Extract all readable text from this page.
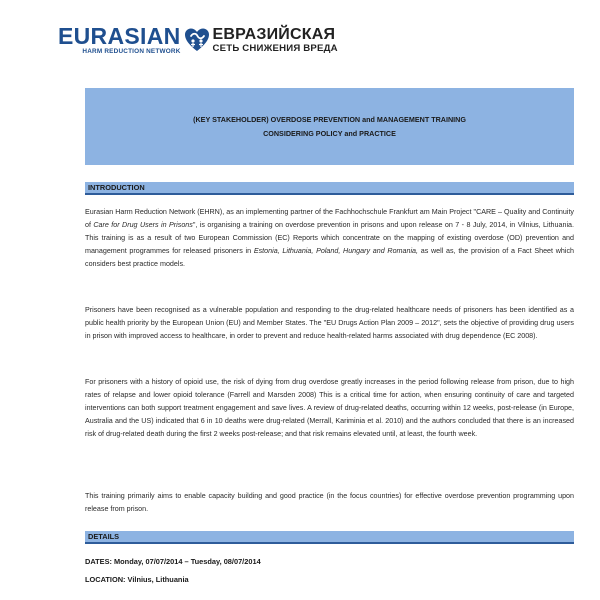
EURASIAN
HARM REDUCTION NETWORK
ЕВРАЗИЙСКАЯ
СЕТЬ СНИЖЕНИЯ ВРЕДА
(KEY STAKEHOLDER) OVERDOSE PREVENTION and MANAGEMENT TRAINING
CONSIDERING POLICY and PRACTICE
INTRODUCTION

Eurasian Harm Reduction Network (EHRN), as an implementing partner of the Fachhochschule Frankfurt am Main Project "CARE – Quality and Continuity of Care for Drug Users in Prisons", is organising a training on overdose prevention in prisons and upon release on 7 - 8 July, 2014, in Vilnius, Lithuania. This training is as a result of two European Commission (EC) Reports which concentrate on the mapping of existing overdose (OD) prevention and management programmes for released prisoners in Estonia, Lithuania, Poland, Hungary and Romania, as well as, the provision of a Fact Sheet which considers best practice models.

Prisoners have been recognised as a vulnerable population and responding to the drug-related healthcare needs of prisoners has been identified as a public health priority by the European Union (EU) and Member States. The "EU Drugs Action Plan 2009 – 2012", sets the objective of providing drug users in prison with improved access to healthcare, in order to prevent and reduce health-related harms associated with drug dependence (EC 2008).

For prisoners with a history of opioid use, the risk of dying from drug overdose greatly increases in the period following release from prison, due to high rates of relapse and lower opioid tolerance (Farrell and Marsden 2008) This is a critical time for action, when ensuring continuity of care and targeted interventions can both support treatment engagement and save lives. A review of drug-related deaths, occurring within 12 weeks, post-release (in Europe, Australia and the US) indicated that 6 in 10 deaths were drug-related (Merrall, Kariminia et al. 2010) and the authors concluded that there is an increased risk of drug-related death during the first 2 weeks post-release; and that risk remains elevated until, at least, the fourth week.

This training primarily aims to enable capacity building and good practice (in the focus countries) for effective overdose prevention programming upon release from prison.

DETAILS
DATES: Monday, 07/07/2014 – Tuesday, 08/07/2014
LOCATION: Vilnius, Lithuania
